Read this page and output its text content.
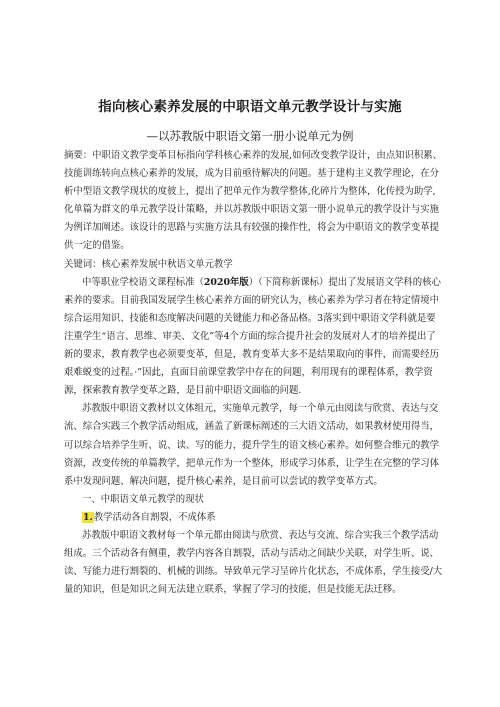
指向核心素养发展的中职语文单元教学设计与实施
—以苏教版中职语文第一册小说单元为例

摘要：中职语文教学变革目标指向学科核心素养的发展,如何改变教学设计，由点知识积累、技能训练转向点核心素养的发展，成为目前亟待解决的问题。基于建构主义教学理论，在分析中型语文教学现状的度彼上，提出了把单元作为教学整体,化碎片为整体，化传授为助学,化单篇为群文的单元教学设计策略，并以苏教版中职语文第一册小说单元的教学设计与实施为例详加阐述。该设计的思路与实施方法具有较强的操作性，将会为中职语文的教学变革提供一定的借鉴。

关键词：核心素养发展中秋语文单元教学

中等职业学校语文课程标准（2020年版）（下简称新课标）提出了发展语文学科的核心素养的要求。目前我国发展学生核心素养方面的研究认为，核心素养为学习者在特定情境中综合运用知识、技能和态度解决问题的关键能力和必备品格。3落实到中职语文学科就是要注重学生“语言、思维、审美、文化”等4个方面的综合提升社会的发展对人才的培养提出了新的要求，教育教学也必须要变革，但是，教育变革大多不是结果取向的事件，而需要经历艰难蜕变的过程。·”因此，直面目前课堂教学中存在的问题，利用现有的课程体系，教学资源，探索教育教学变革之路，是目前中职语文面临的问题.

苏教版中职语文教材以文体组元，实施单元教学，每一个单元由阅读与欣赏、表达与交流、综合实践三个教学活动组成，涵盖了新课标阐述的三大语文活动，如果教材使用得当，可以综合培养学生听、说、读、写的能力，提升学生的语文核心素养。如何整合维元的教学资源，改变传统的单篇教学，把单元作为一个整体，形成学习体系，让学生在完整的学习体系中发现问题、解决问题，提升核心素养，是目前可以尝试的教学变革方式。

一、中职语文单元教学的现状

1.教学活动各自割裂，不成体系

苏教版中职语文教材每一个单元都由阅读与欣赏、表达与交流、综合实我三个教学活动组成。三个活动各有侧重，教学内容各自割裂，活动与活动之间缺少关联，对学生听、说、读、写能力进行割裂的、机械的训练。导致单元学习呈碎片化状态，不成体系，学生接受/大量的知识，但是知识之间无法建立联系，掌握了学习的技能，但是技能无法迁移。
